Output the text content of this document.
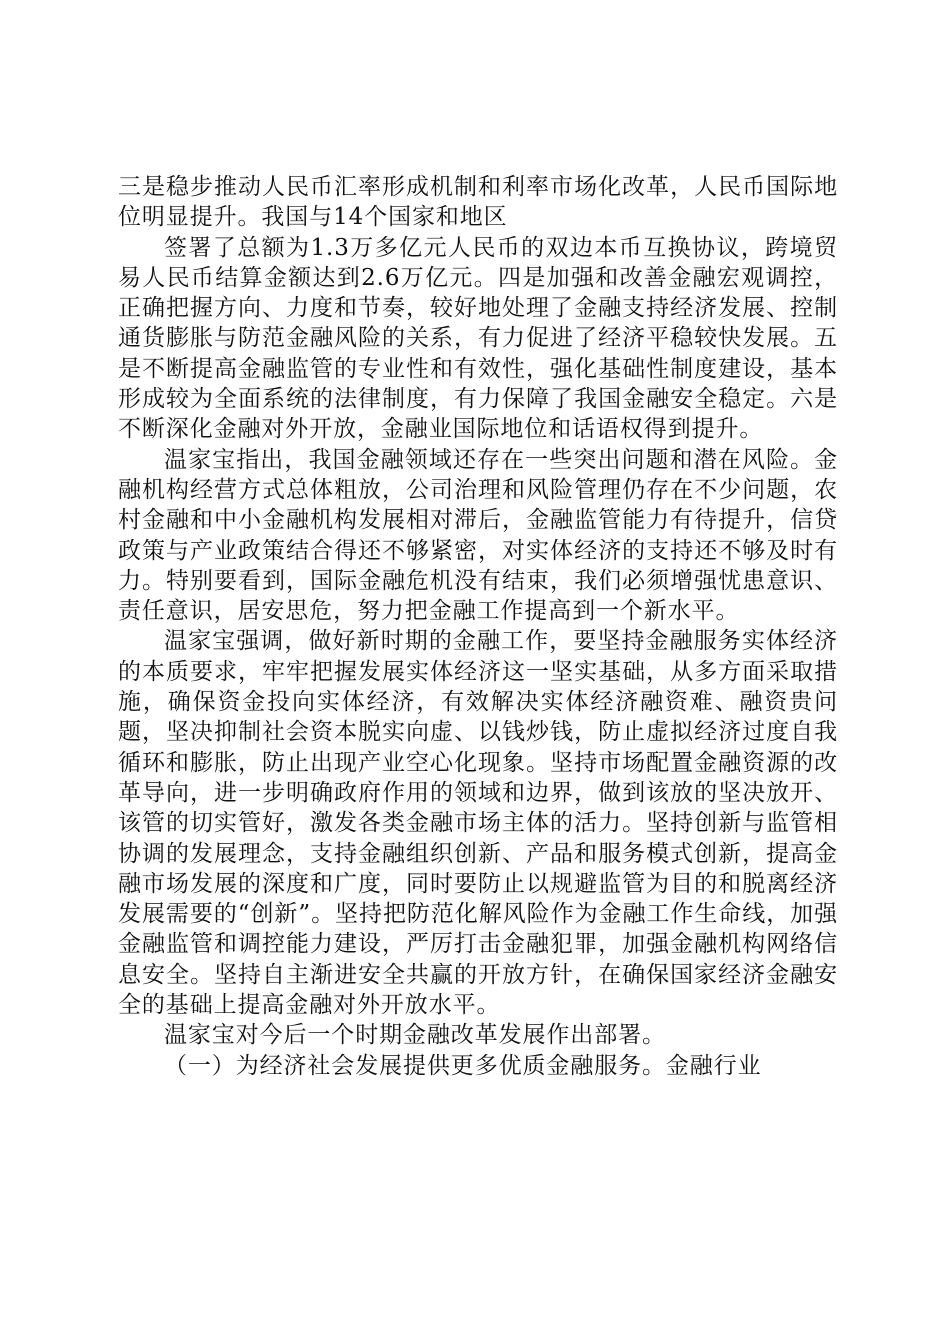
三是稳步推动人民币汇率形成机制和利率市场化改革，人民币国际地位明显提升。我国与14个国家和地区

签署了总额为1.3万多亿元人民币的双边本币互换协议，跨境贸易人民币结算金额达到2.6万亿元。四是加强和改善金融宏观调控，正确把握方向、力度和节奏，较好地处理了金融支持经济发展、控制通货膨胀与防范金融风险的关系，有力促进了经济平稳较快发展。五是不断提高金融监管的专业性和有效性，强化基础性制度建设，基本形成较为全面系统的法律制度，有力保障了我国金融安全稳定。六是不断深化金融对外开放，金融业国际地位和话语权得到提升。

温家宝指出，我国金融领域还存在一些突出问题和潜在风险。金融机构经营方式总体粗放，公司治理和风险管理仍存在不少问题，农村金融和中小金融机构发展相对滞后，金融监管能力有待提升，信贷政策与产业政策结合得还不够紧密，对实体经济的支持还不够及时有力。特别要看到，国际金融危机没有结束，我们必须增强忧患意识、责任意识，居安思危，努力把金融工作提高到一个新水平。

温家宝强调，做好新时期的金融工作，要坚持金融服务实体经济的本质要求，牢牢把握发展实体经济这一坚实基础，从多方面采取措施，确保资金投向实体经济，有效解决实体经济融资难、融资贵问题，坚决抑制社会资本脱实向虚、以钱炒钱，防止虚拟经济过度自我循环和膨胀，防止出现产业空心化现象。坚持市场配置金融资源的改革导向，进一步明确政府作用的领域和边界，做到该放的坚决放开、该管的切实管好，激发各类金融市场主体的活力。坚持创新与监管相协调的发展理念，支持金融组织创新、产品和服务模式创新，提高金融市场发展的深度和广度，同时要防止以规避监管为目的和脱离经济发展需要的“创新”。坚持把防范化解风险作为金融工作生命线，加强金融监管和调控能力建设，严厉打击金融犯罪，加强金融机构网络信息安全。坚持自主渐进安全共赢的开放方针，在确保国家经济金融安全的基础上提高金融对外开放水平。

温家宝对今后一个时期金融改革发展作出部署。

（一）为经济社会发展提供更多优质金融服务。金融行业
